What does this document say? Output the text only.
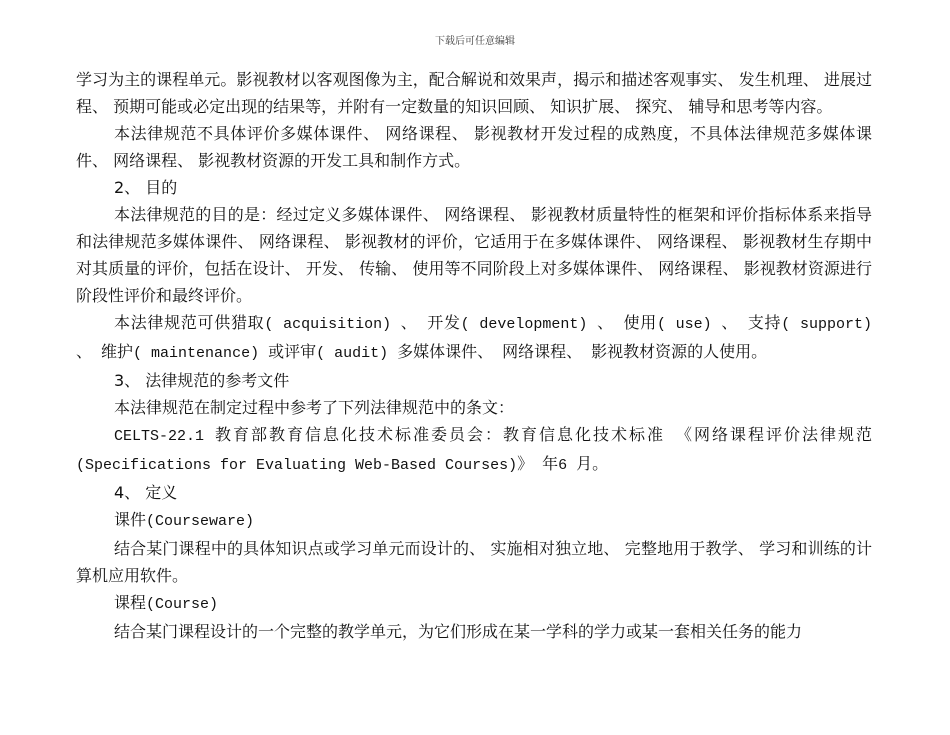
下载后可任意编辑

学习为主的课程单元。影视教材以客观图像为主，配合解说和效果声，揭示和描述客观事实、 发生机理、 进展过程、 预期可能或必定出现的结果等，并附有一定数量的知识回顾、 知识扩展、 探究、 辅导和思考等内容。

本法律规范不具体评价多媒体课件、 网络课程、 影视教材开发过程的成熟度，不具体法律规范多媒体课件、 网络课程、 影视教材资源的开发工具和制作方式。

2、 目的

本法律规范的目的是：经过定义多媒体课件、 网络课程、 影视教材质量特性的框架和评价指标体系来指导和法律规范多媒体课件、 网络课程、 影视教材的评价，它适用于在多媒体课件、 网络课程、 影视教材生存期中对其质量的评价，包括在设计、 开发、 传输、 使用等不同阶段上对多媒体课件、 网络课程、 影视教材资源进行阶段性评价和最终评价。

本法律规范可供猎取( acquisition) 、 开发( development) 、 使用( use) 、 支持( support) 、 维护( maintenance) 或评审( audit) 多媒体课件、 网络课程、 影视教材资源的人使用。

3、 法律规范的参考文件

本法律规范在制定过程中参考了下列法律规范中的条文：

CELTS-22.1 教育部教育信息化技术标准委员会：教育信息化技术标准 《网络课程评价法律规范 (Specifications for Evaluating Web-Based Courses)》 年6 月。

4、 定义

课件(Courseware)

结合某门课程中的具体知识点或学习单元而设计的、 实施相对独立地、 完整地用于教学、 学习和训练的计算机应用软件。

课程(Course)

结合某门课程设计的一个完整的教学单元，为它们形成在某一学科的学力或某一套相关任务的能力
